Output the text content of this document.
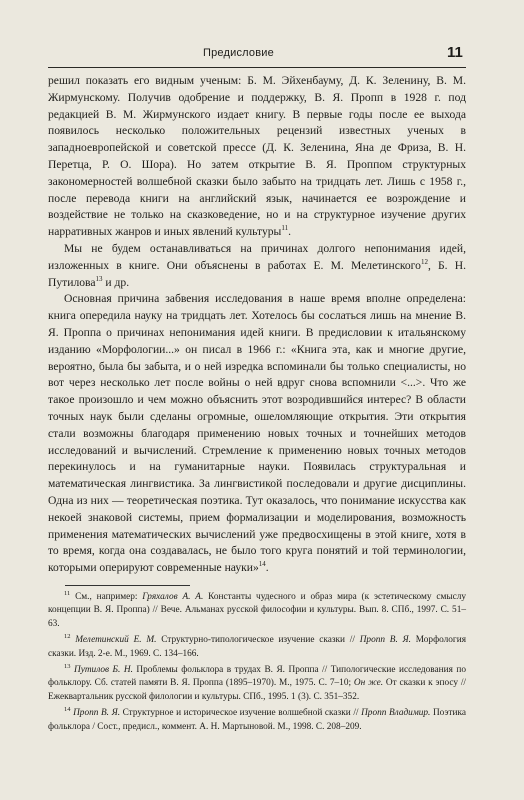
Предисловие	11

решил показать его видным ученым: Б. М. Эйхенбауму, Д. К. Зеленину, В. М. Жирмунскому. Получив одобрение и поддержку, В. Я. Пропп в 1928 г. под редакцией В. М. Жирмунского издает книгу. В первые годы после ее выхода появилось несколько положительных рецензий известных ученых в западноевропейской и советской прессе (Д. К. Зеленина, Яна де Фриза, В. Н. Перетца, Р. О. Шора). Но затем открытие В. Я. Проппом структурных закономерностей волшебной сказки было забыто на тридцать лет. Лишь с 1958 г., после перевода книги на английский язык, начинается ее возрождение и воздействие не только на сказковедение, но и на структурное изучение других нарративных жанров и иных явлений культуры$^{11}$.

Мы не будем останавливаться на причинах долгого непонимания идей, изложенных в книге. Они объяснены в работах Е. М. Мелетинского$^{12}$, Б. Н. Путилова$^{13}$ и др.

Основная причина забвения исследования в наше время вполне определена: книга опередила науку на тридцать лет. Хотелось бы сослаться лишь на мнение В. Я. Проппа о причинах непонимания идей книги. В предисловии к итальянскому изданию «Морфологии...» он писал в 1966 г.: «Книга эта, как и многие другие, вероятно, была бы забыта, и о ней изредка вспоминали бы только специалисты, но вот через несколько лет после войны о ней вдруг снова вспомнили <...>. Что же такое произошло и чем можно объяснить этот возродившийся интерес? В области точных наук были сделаны огромные, ошеломляющие открытия. Эти открытия стали возможны благодаря применению новых точных и точнейших методов исследований и вычислений. Стремление к применению новых точных методов перекинулось и на гуманитарные науки. Появилась структуральная и математическая лингвистика. За лингвистикой последовали и другие дисциплины. Одна из них — теоретическая поэтика. Тут оказалось, что понимание искусства как некоей знаковой системы, прием формализации и моделирования, возможность применения математических вычислений уже предвосхищены в этой книге, хотя в то время, когда она создавалась, не было того круга понятий и той терминологии, которыми оперируют современные науки»$^{14}$.

$^{11}$ См., например: Гряхалов А. А. Константы чудесного и образ мира (к эстетическому смыслу концепции В. Я. Проппа) // Вече. Альманах русской философии и культуры. Вып. 8. СПб., 1997. С. 51–63.

$^{12}$ Мелетинский Е. М. Структурно-типологическое изучение сказки // Пропп В. Я. Морфология сказки. Изд. 2-е. М., 1969. С. 134–166.

$^{13}$ Путилов Б. Н. Проблемы фольклора в трудах В. Я. Проппа // Типологические исследования по фольклору. Сб. статей памяти В. Я. Проппа (1895–1970). М., 1975. С. 7–10; Он же. От сказки к эпосу // Ежеквартальник русской филологии и культуры. СПб., 1995. 1 (3). С. 351–352.

$^{14}$ Пропп В. Я. Структурное и историческое изучение волшебной сказки // Пропп Владимир. Поэтика фольклора / Сост., предисл., коммент. А. Н. Мартыновой. М., 1998. С. 208–209.
